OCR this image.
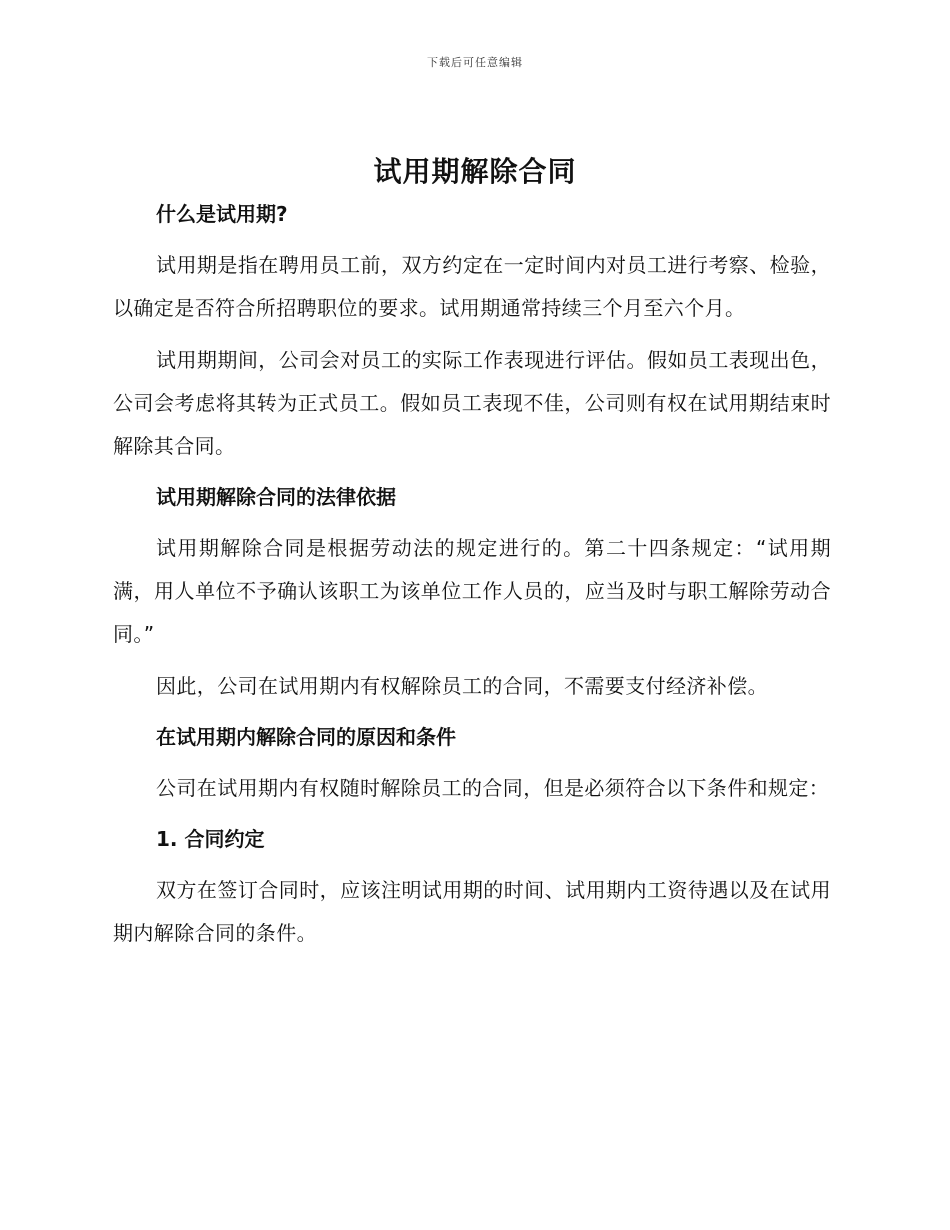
下载后可任意编辑
试用期解除合同
什么是试用期?
试用期是指在聘用员工前，双方约定在一定时间内对员工进行考察、检验，以确定是否符合所招聘职位的要求。试用期通常持续三个月至六个月。
试用期期间，公司会对员工的实际工作表现进行评估。假如员工表现出色，公司会考虑将其转为正式员工。假如员工表现不佳，公司则有权在试用期结束时解除其合同。
试用期解除合同的法律依据
试用期解除合同是根据劳动法的规定进行的。第二十四条规定：“试用期满，用人单位不予确认该职工为该单位工作人员的，应当及时与职工解除劳动合同。”
因此，公司在试用期内有权解除员工的合同，不需要支付经济补偿。
在试用期内解除合同的原因和条件
公司在试用期内有权随时解除员工的合同，但是必须符合以下条件和规定：
1. 合同约定
双方在签订合同时，应该注明试用期的时间、试用期内工资待遇以及在试用期内解除合同的条件。
